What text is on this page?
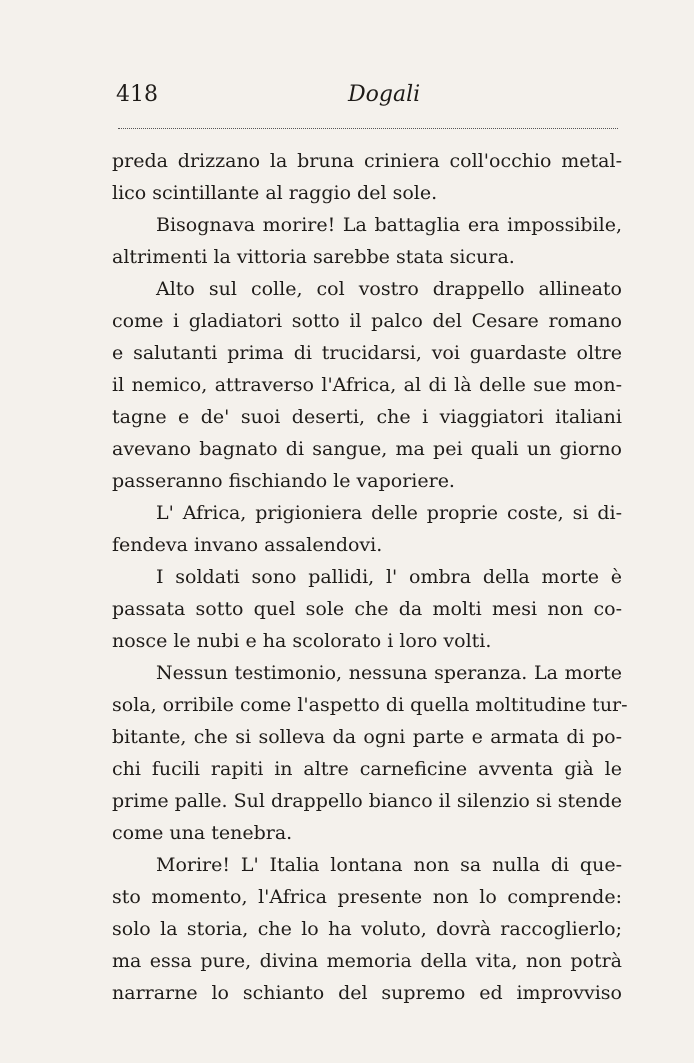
418	Dogali
preda drizzano la bruna criniera coll'occhio metal-
lico scintillante al raggio del sole.
Bisognava morire! La battaglia era impossibile,
altrimenti la vittoria sarebbe stata sicura.
Alto sul colle, col vostro drappello allineato
come i gladiatori sotto il palco del Cesare romano
e salutanti prima di trucidarsi, voi guardaste oltre
il nemico, attraverso l'Africa, al di là delle sue mon-
tagne e de' suoi deserti, che i viaggiatori italiani
avevano bagnato di sangue, ma pei quali un giorno
passeranno fischiando le vaporiere.
L' Africa, prigioniera delle proprie coste, si di-
fendeva invano assalendovi.
I soldati sono pallidi, l' ombra della morte è
passata sotto quel sole che da molti mesi non co-
nosce le nubi e ha scolorato i loro volti.
Nessun testimonio, nessuna speranza. La morte
sola, orribile come l'aspetto di quella moltitudine tur-
bitante, che si solleva da ogni parte e armata di po-
chi fucili rapiti in altre carneficine avventa già le
prime palle. Sul drappello bianco il silenzio si stende
come una tenebra.
Morire! L' Italia lontana non sa nulla di que-
sto momento, l'Africa presente non lo comprende:
solo la storia, che lo ha voluto, dovrà raccoglierlo;
ma essa pure, divina memoria della vita, non potrà
narrarne lo schianto del supremo ed improvviso
